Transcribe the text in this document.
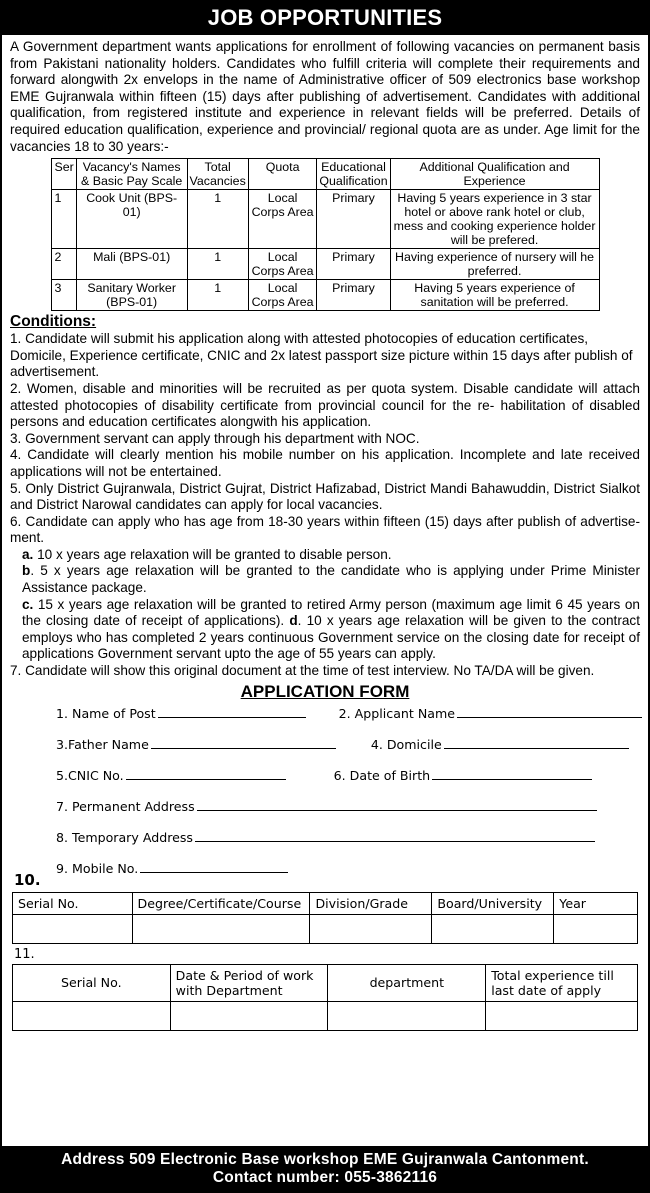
JOB OPPORTUNITIES

A Government department wants applications for enrollment of following vacancies on permanent basis from Pakistani nationality holders. Candidates who fulfill criteria will complete their requirements and forward alongwith 2x envelops in the name of Administrative officer of 509 electronics base workshop EME Gujranwala within fifteen (15) days after publishing of advertisement. Candidates with additional qualification, from registered institute and experience in relevant fields will be preferred. Details of required education qualification, experience and provincial/ regional quota are as under. Age limit for the vacancies 18 to 30 years:-

Ser	Vacancy's Names & Basic Pay Scale	Total Vacancies	Quota	Educational Qualification	Additional Qualification and Experience
1	Cook Unit (BPS-01)	1	Local Corps Area	Primary	Having 5 years experience in 3 star hotel or above rank hotel or club, mess and cooking experience holder will be prefered.
2	Mali (BPS-01)	1	Local Corps Area	Primary	Having experience of nursery will he preferred.
3	Sanitary Worker (BPS-01)	1	Local Corps Area	Primary	Having 5 years experience of sanitation will be preferred.
Conditions:
1. Candidate will submit his application along with attested photocopies of education certificates, Domicile, Experience certificate, CNIC and 2x latest passport size picture within 15 days after publish of advertisement.
2. Women, disable and minorities will be recruited as per quota system. Disable candidate will attach attested photocopies of disability certificate from provincial council for the re- habilitation of disabled persons and education certificates alongwith his application.
3. Government servant can apply through his department with NOC.
4. Candidate will clearly mention his mobile number on his application. Incomplete and late received applications will not be entertained.
5. Only District Gujranwala, District Gujrat, District Hafizabad, District Mandi Bahawuddin, District Sialkot and District Narowal candidates can apply for local vacancies.
6. Candidate can apply who has age from 18-30 years within fifteen (15) days after publish of advertise-ment.
a. 10 x years age relaxation will be granted to disable person.
b. 5 x years age relaxation will be granted to the candidate who is applying under Prime Minister Assistance package.
c. 15 x years age relaxation will be granted to retired Army person (maximum age limit 6 45 years on the closing date of receipt of applications). d. 10 x years age relaxation will be given to the contract employs who has completed 2 years continuous Government service on the closing date for receipt of applications Government servant upto the age of 55 years can apply.
7. Candidate will show this original document at the time of test interview. No TA/DA will be given.
APPLICATION FORM
1. Name of Post	2. Applicant Name
3.Father Name	4. Domicile
5.CNIC No.	6. Date of Birth
7. Permanent Address
8. Temporary Address
10.
9. Mobile No.
Serial No.	Degree/Certificate/Course	Division/Grade	Board/University	Year

11.
Serial No.	Date & Period of work with Department	department	Total experience till last date of apply

Address 509 Electronic Base workshop EME Gujranwala Cantonment.
Contact number: 055-3862116
